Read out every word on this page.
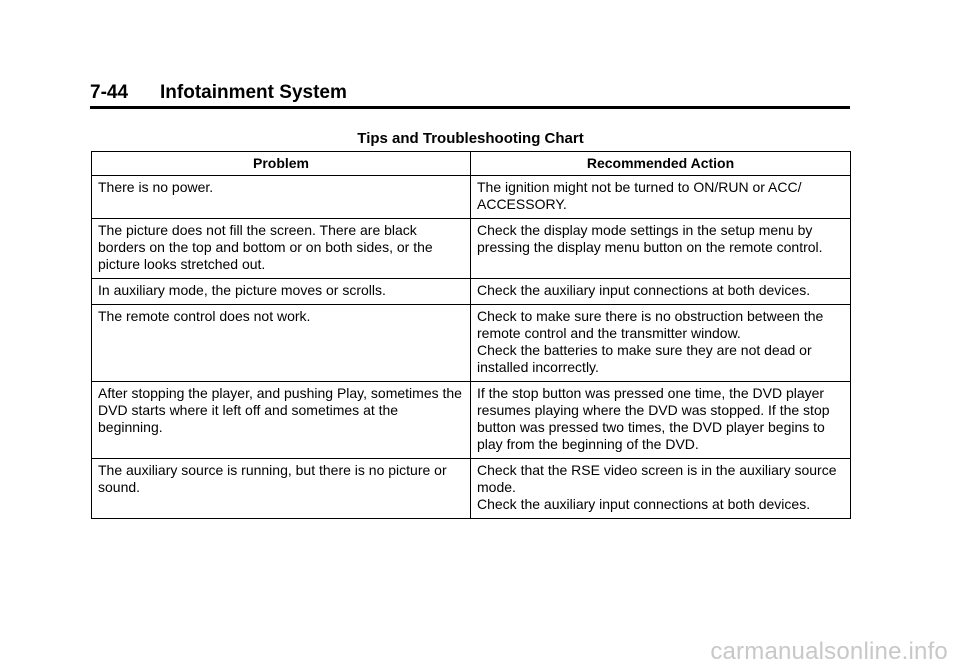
7-44 Infotainment System
Tips and Troubleshooting Chart
Problem	Recommended Action
There is no power.	The ignition might not be turned to ON/RUN or ACC/ ACCESSORY.

The picture does not fill the screen. There are black borders on the top and bottom or on both sides, or the picture looks stretched out.	Check the display mode settings in the setup menu by pressing the display menu button on the remote control.

In auxiliary mode, the picture moves or scrolls.	Check the auxiliary input connections at both devices.

The remote control does not work.	Check to make sure there is no obstruction between the remote control and the transmitter window.
Check the batteries to make sure they are not dead or installed incorrectly.

After stopping the player, and pushing Play, sometimes the DVD starts where it left off and sometimes at the beginning.	If the stop button was pressed one time, the DVD player resumes playing where the DVD was stopped. If the stop button was pressed two times, the DVD player begins to play from the beginning of the DVD.

The auxiliary source is running, but there is no picture or sound.	Check that the RSE video screen is in the auxiliary source mode.
Check the auxiliary input connections at both devices.
carmanualsonline.info
